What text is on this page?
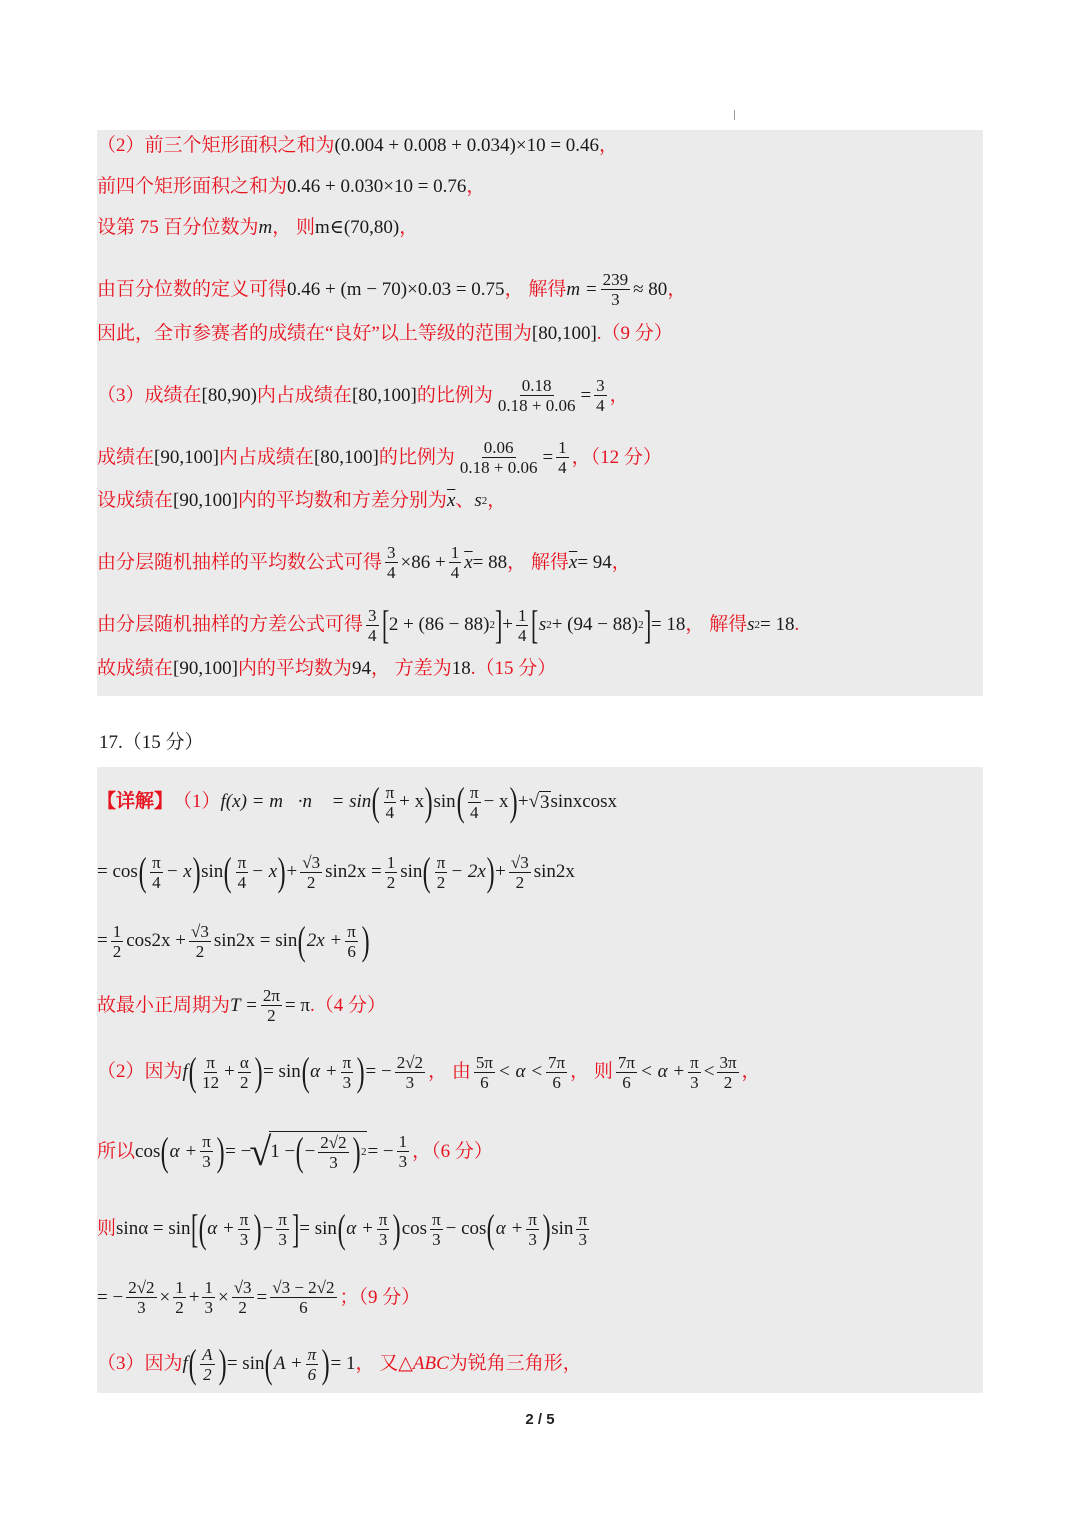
（2）前三个矩形面积之和为 (0.004 + 0.008 + 0.034)×10 = 0.46 ，
前四个矩形面积之和为 0.46 + 0.030×10 = 0.76 ，
设第 75 百分位数为 m ， 则 m∈(70,80) ，
由百分位数的定义可得 0.46 + (m − 70)×0.03 = 0.75 ， 解得 $m = \frac{239}{3} \approx 80$ ，
因此，全市参赛者的成绩在“良好”以上等级的范围为 [80,100] .（9 分）
（3）成绩在 [80,90) 内占成绩在 [80,100] 的比例为 $\frac{0.18}{0.18 + 0.06} = \frac{3}{4}$ ，
成绩在 [90,100] 内占成绩在 [80,100] 的比例为 $\frac{0.06}{0.18 + 0.06} = \frac{1}{4}$ ，（12 分）
设成绩在 [90,100] 内的平均数和方差分别为 $\overline{x}$ 、 s 2 ，
由分层随机抽样的平均数公式可得 $\frac{3}{4} \times 86 + \frac{1}{4} \overline{x} = 88$ ， 解得 $\overline{x} = 94$ ，
由分层随机抽样的方差公式可得 $\frac{3}{4}$ [ 2 + (86 − 88) 2 ] + $\frac{1}{4}$ [ s 2 + (94 − 88) 2 ] = 18 ， 解得 s 2 = 18 .
故成绩在 [90,100] 内的平均数为 94 ， 方差为 18 .（15 分）
17.（15 分）
【详解】 （1） f(x) = m⃗·n⃗ = sin ( $\frac{\pi}{4} + x$ ) sin ( $\frac{\pi}{4} - x$ ) + √ 3 sinxcosx
= cos ( $\frac{\pi}{4} - x$ ) sin ( $\frac{\pi}{4} - x$ ) + $\frac{√3}{2} \sin 2x = \frac{1}{2}$ sin ( $\frac{\pi}{2} - 2x$ ) + $\frac{√3}{2} \sin 2x$
= $\frac{1}{2} \cos 2x + \frac{√3}{2} \sin 2x = \sin$ ( $2x + \frac{\pi}{6}$ )
故最小正周期为 $T = \frac{2\pi}{2} = \pi$ .（4 分）
（2）因为 f ( $\frac{\pi}{12} + \frac{\alpha}{2}$ ) = sin ( $\alpha + \frac{\pi}{3}$ ) = − $\frac{2√2}{3}$ ， 由 $\frac{5\pi}{6} < \alpha < \frac{7\pi}{6}$ ， 则 $\frac{7\pi}{6} < \alpha + \frac{\pi}{3} < \frac{3\pi}{2}$ ，
所以 cos ( $\alpha + \frac{\pi}{3}$ ) = −
√ 1 − ( − $\frac{2√2}{3}$ ) 2 = − $\frac{1}{3}$ ，（6 分）
则 sinα = sin [ ( $\alpha + \frac{\pi}{3}$ ) − $\frac{\pi}{3}$ ] = sin ( $\alpha + \frac{\pi}{3}$ ) $\cos \frac{\pi}{3} - \cos$ ( $\alpha + \frac{\pi}{3}$ ) $\sin \frac{\pi}{3}$
= − $\frac{2√2}{3} \times \frac{1}{2} + \frac{1}{3} \times \frac{√3}{2} = \frac{√3 - 2√2}{6}$ ；（9 分）
（3）因为 f ( $\frac{A}{2}$ ) = sin ( $A + \frac{\pi}{6}$ ) = 1 ， 又△ ABC 为锐角三角形，
2 / 5
